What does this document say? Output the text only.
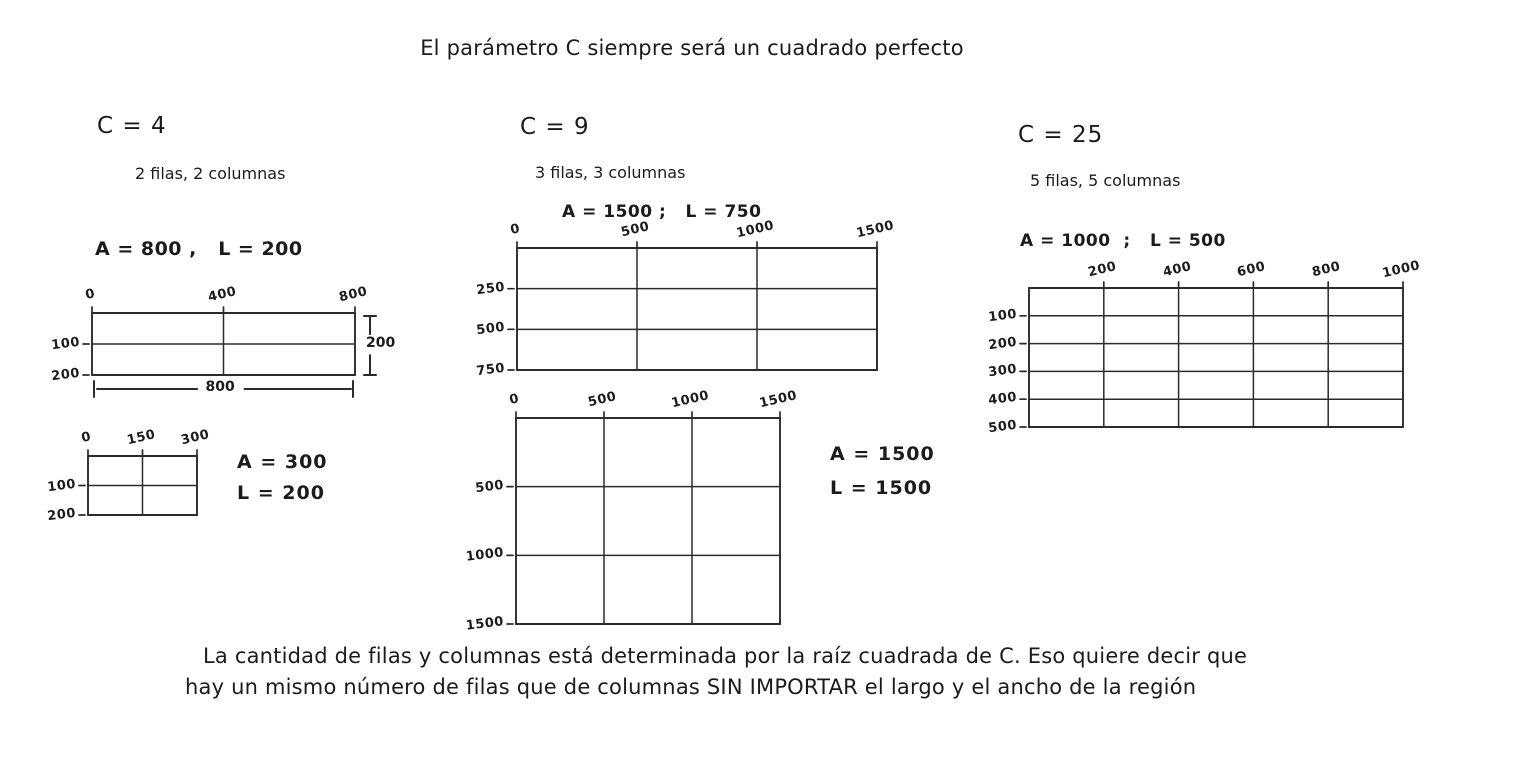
El parámetro C siempre será un cuadrado perfecto
C = 4
2 filas, 2 columnas
A = 800 ,   L = 200
C = 9
3 filas, 3 columnas
A = 1500 ;   L = 750
C = 25
5 filas, 5 columnas
A = 1000  ;   L = 500
A = 300
L = 200
A = 1500
L = 1500
La cantidad de filas y columnas está determinada por la raíz cuadrada de C. Eso quiere decir que
hay un mismo número de filas que de columnas SIN IMPORTAR el largo y el ancho de la región
0	400	800
100
200
200
800
0	150 300
100
200
0	500	1000	1500
250
500
750
0	500	1000	1500
500
1000
1500
200	400	600	800	1000
100
200
300
400
500
